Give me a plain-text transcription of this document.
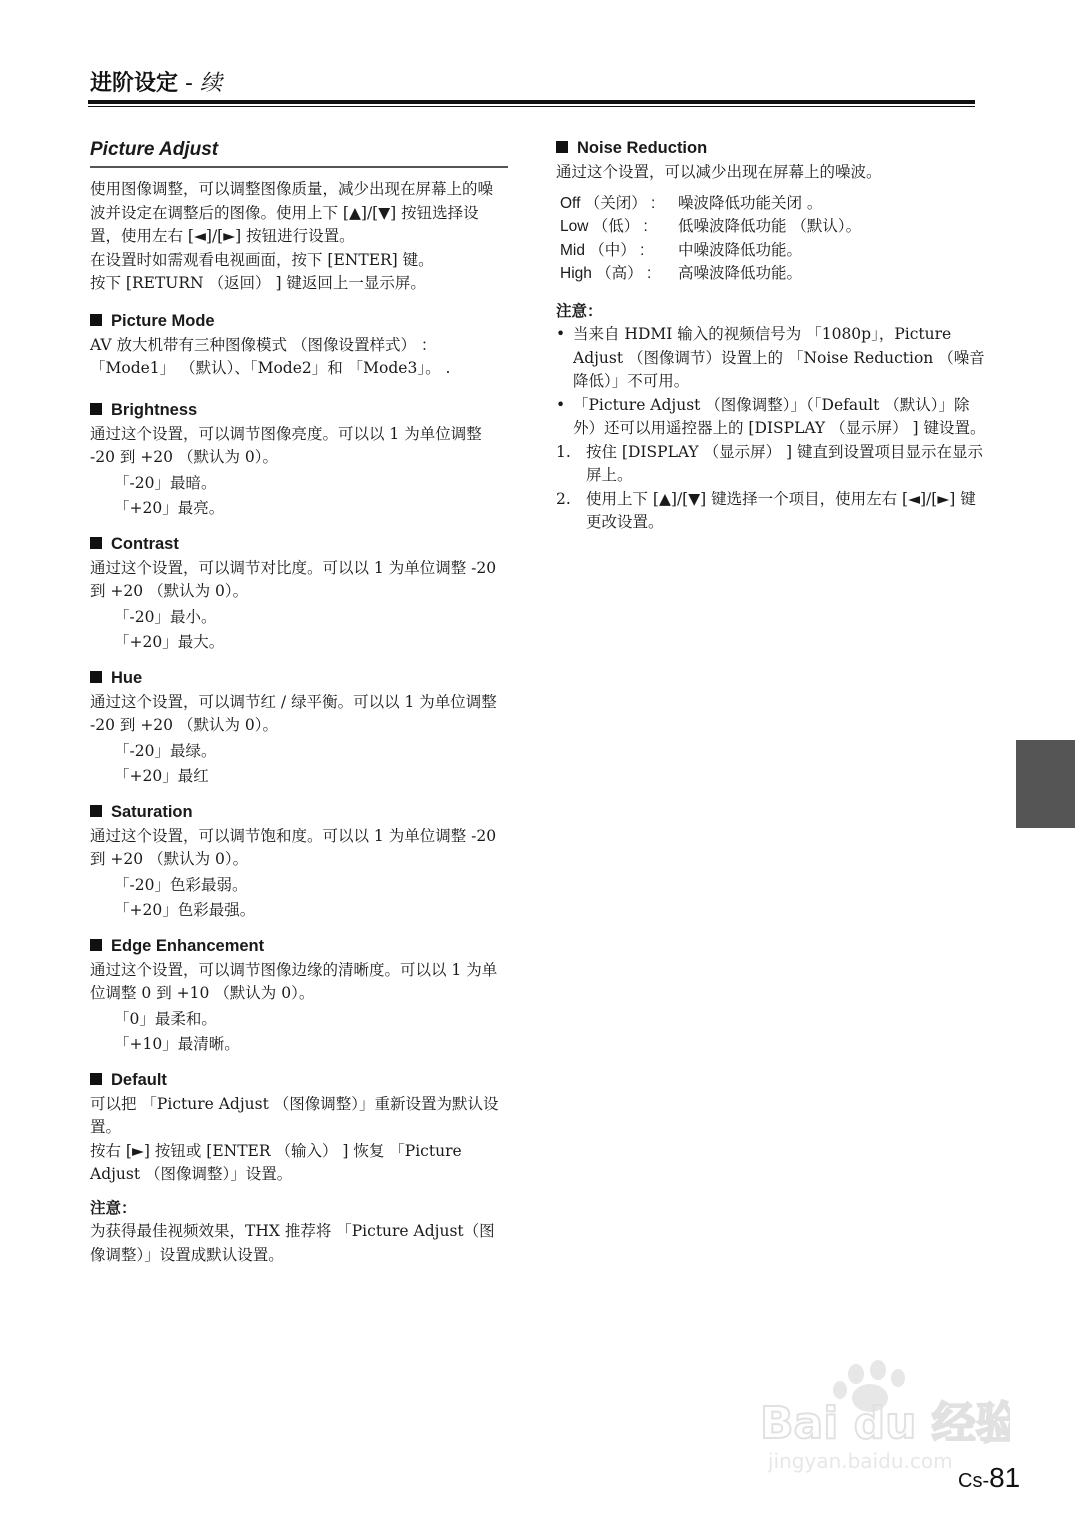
进阶设定 - 续
Picture Adjust

使用图像调整，可以调整图像质量，减少出现在屏幕上的噪波并设定在调整后的图像。使用上下 [▲]/[▼] 按钮选择设置，使用左右 [◄]/[►] 按钮进行设置。

在设置时如需观看电视画面，按下 [ENTER] 键。

按下 [RETURN （返回） ] 键返回上一显示屏。

Picture Mode

AV 放大机带有三种图像模式 （图像设置样式） ：「Mode1」 （默认）、「Mode2」和 「Mode3」。 .

Brightness

通过这个设置，可以调节图像亮度。可以以 1 为单位调整 -20 到 +20 （默认为 0）。

「-20」最暗。

「+20」最亮。

Contrast

通过这个设置，可以调节对比度。可以以 1 为单位调整 -20 到 +20 （默认为 0）。

「-20」最小。

「+20」最大。

Hue

通过这个设置，可以调节红 / 绿平衡。可以以 1 为单位调整 -20 到 +20 （默认为 0）。

「-20」最绿。

「+20」最红

Saturation

通过这个设置，可以调节饱和度。可以以 1 为单位调整 -20 到 +20 （默认为 0）。

「-20」色彩最弱。

「+20」色彩最强。

Edge Enhancement

通过这个设置，可以调节图像边缘的清晰度。可以以 1 为单位调整 0 到 +10 （默认为 0）。

「0」最柔和。

「+10」最清晰。

Default

可以把 「Picture Adjust （图像调整）」重新设置为默认设置。

按右 [►] 按钮或 [ENTER （输入） ] 恢复 「Picture Adjust （图像调整）」设置。

注意：

为获得最佳视频效果，THX 推荐将 「Picture Adjust（图像调整）」设置成默认设置。

Noise Reduction

通过这个设置，可以减少出现在屏幕上的噪波。

Off （关闭） :	噪波降低功能关闭 。
Low （低） :	低噪波降低功能 （默认）。
Mid （中） :	中噪波降低功能。
High （高） :	高噪波降低功能。
注意：
• 当来自 HDMI 输入的视频信号为 「1080p」，Picture Adjust （图像调节）设置上的 「Noise Reduction （噪音降低）」不可用。
• 「Picture Adjust （图像调整）」（「Default （默认）」除外）还可以用遥控器上的 [DISPLAY （显示屏） ] 键设置。
1. 按住 [DISPLAY （显示屏） ] 键直到设置项目显示在显示屏上。
2. 使用上下 [▲]/[▼] 键选择一个项目，使用左右 [◄]/[►] 键更改设置。
Bai du 经验
jingyan.baidu.com
Cs-81
